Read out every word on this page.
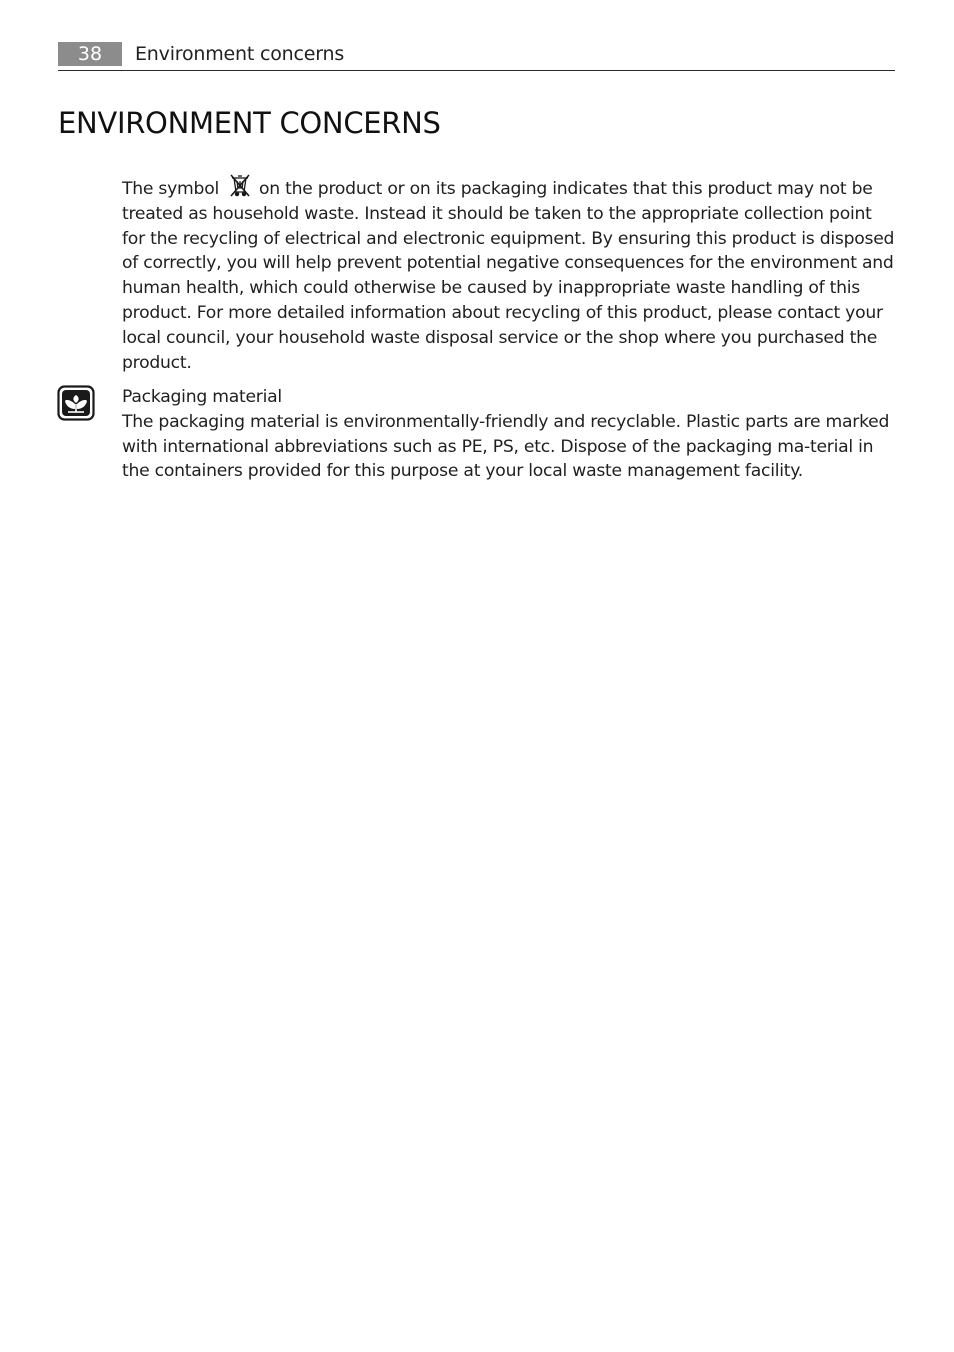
38	Environment concerns
ENVIRONMENT CONCERNS

The symbol on the product or on its packaging indicates that this product may not be treated as household waste. Instead it should be taken to the appropriate collection point for the recycling of electrical and electronic equipment. By ensuring this product is disposed of correctly, you will help prevent potential negative consequences for the environment and human health, which could otherwise be caused by inappropriate waste handling of this product. For more detailed information about recycling of this product, please contact your local council, your household waste disposal service or the shop where you purchased the product.

Packaging material
The packaging material is environmentally-friendly and recyclable. Plastic parts are marked with international abbreviations such as PE, PS, etc. Dispose of the packaging ma-terial in the containers provided for this purpose at your local waste management facility.
